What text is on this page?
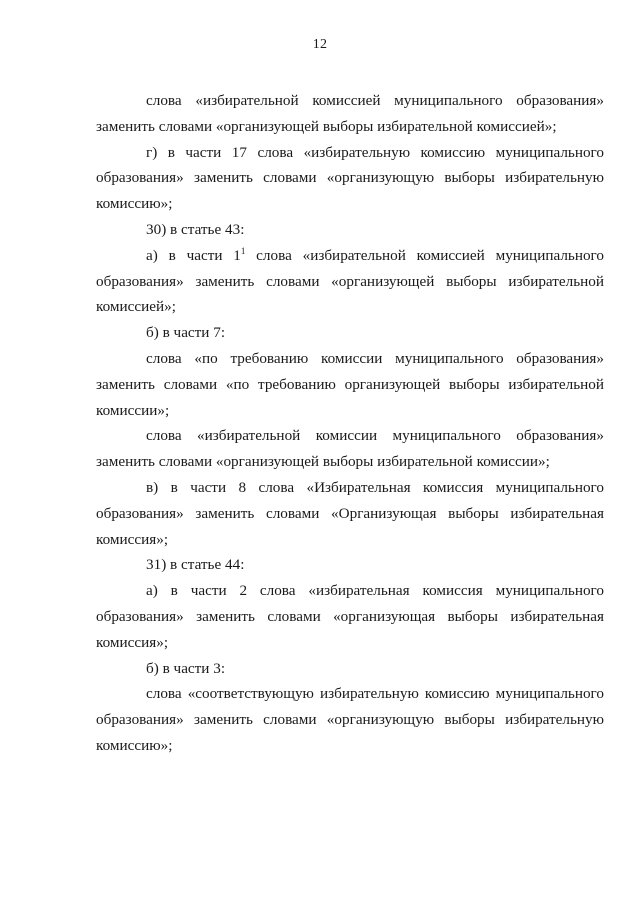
12

слова «избирательной комиссией муниципального образования» заменить словами «организующей выборы избирательной комиссией»;

г) в части 17 слова «избирательную комиссию муниципального образования» заменить словами «организующую выборы избирательную комиссию»;

30) в статье 43:

а) в части $1^1$ слова «избирательной комиссией муниципального образования» заменить словами «организующей выборы избирательной комиссией»;

б) в части 7:

слова «по требованию комиссии муниципального образования» заменить словами «по требованию организующей выборы избирательной комиссии»;

слова «избирательной комиссии муниципального образования» заменить словами «организующей выборы избирательной комиссии»;

в) в части 8 слова «Избирательная комиссия муниципального образования» заменить словами «Организующая выборы избирательная комиссия»;

31) в статье 44:

а) в части 2 слова «избирательная комиссия муниципального образования» заменить словами «организующая выборы избирательная комиссия»;

б) в части 3:

слова «соответствующую избирательную комиссию муниципального образования» заменить словами «организующую выборы избирательную комиссию»;
